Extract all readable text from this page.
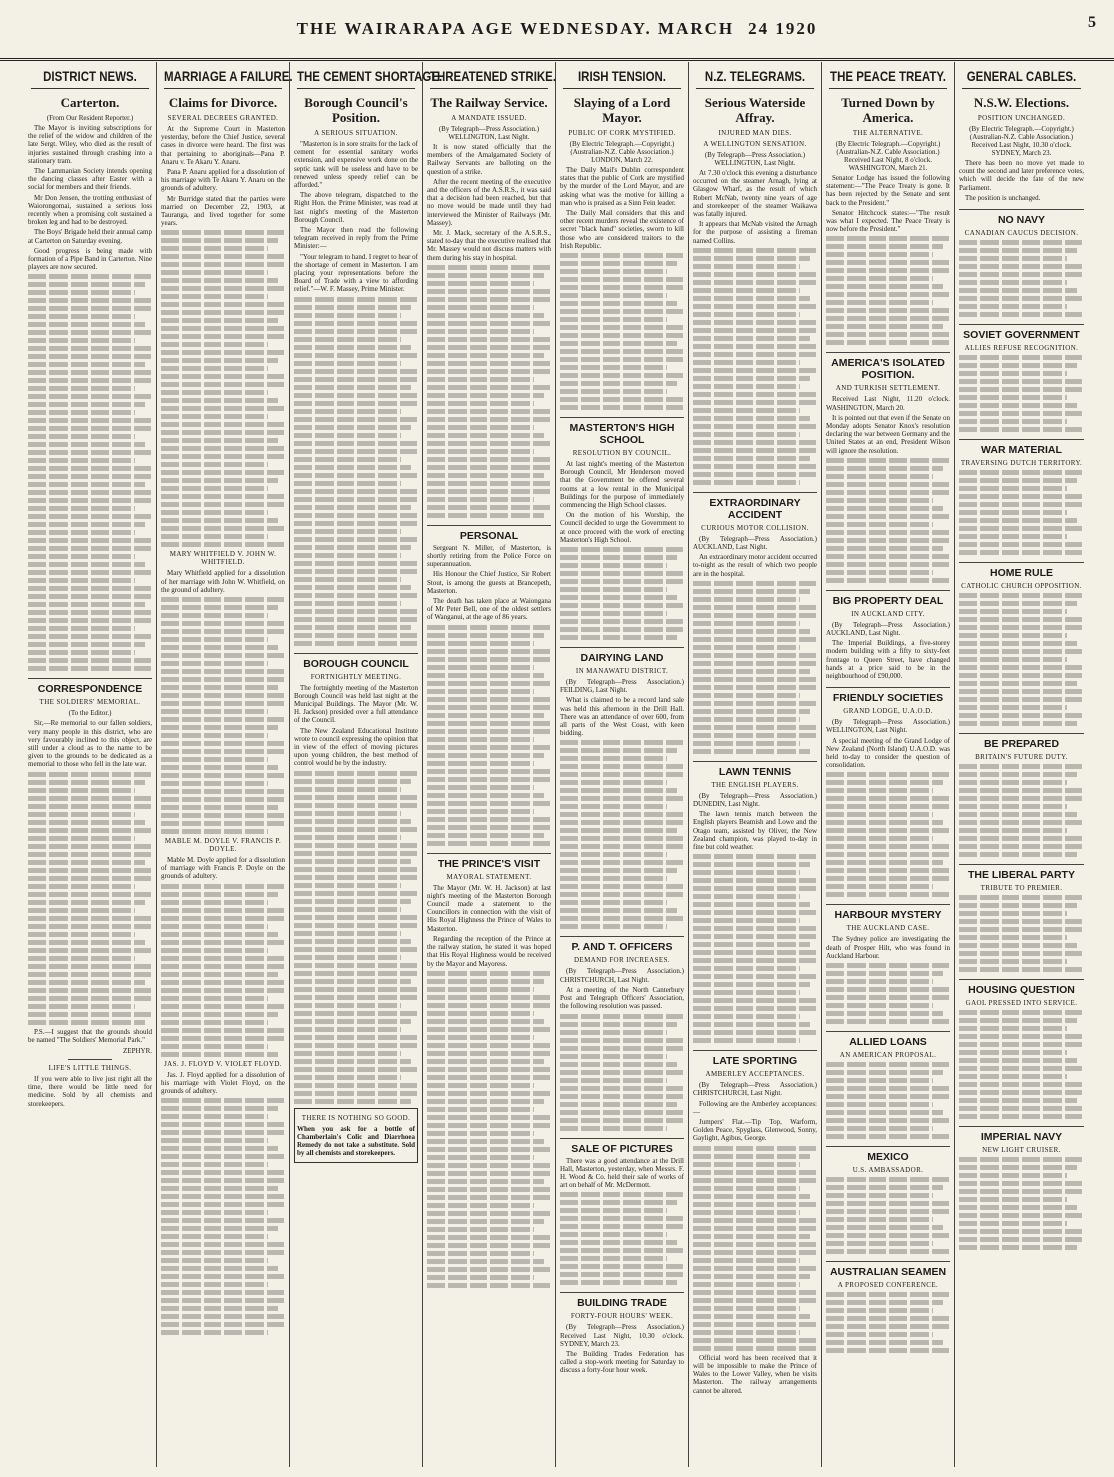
THE WAIRARAPA AGE WEDNESDAY. MARCH 24 1920	5
DISTRICT NEWS.
Carterton.
(From Our Resident Reporter.)
The Mayor is inviting subscriptions for the relief of the widow and children of the late Sergt. Wiley, who died as the result of injuries sustained through crashing into a stationary tram.
The Lammanian Society intends opening the dancing classes after Easter with a social for members and their friends.
Mr Don Jensen, the trotting enthusiast of Waiorongomai, sustained a serious loss recently when a promising colt sustained a broken leg and had to be destroyed.
The Boys' Brigade held their annual camp at Carterton on Saturday evening.
Good progress is being made with formation of a Pipe Band in Carterton. Nine players are now secured.
CORRESPONDENCE
THE SOLDIERS' MEMORIAL.
(To the Editor.)
Sir,—Re memorial to our fallen soldiers, very many people in this district, who are very favourably inclined to this object, are still under a cloud as to the name to be given to the grounds to be dedicated as a memorial to those who fell in the late war.
P.S.—I suggest that the grounds should be named "The Soldiers' Memorial Park."
ZEPHYR.
LIFE'S LITTLE THINGS.
If you were able to live just right all the time, there would be little need for medicine. Sold by all chemists and storekeepers.
MARRIAGE A FAILURE.
Claims for Divorce.
SEVERAL DECREES GRANTED.
At the Supreme Court in Masterton yesterday, before the Chief Justice, several cases in divorce were heard. The first was that pertaining to aboriginals—Pana P. Anaru v. Te Akaru Y. Anaru.
Pana P. Anaru applied for a dissolution of his marriage with Te Akaru Y. Anaru on the grounds of adultery.
Mr Burridge stated that the parties were married on December 22, 1903, at Tauranga, and lived together for some years.
MARY WHITFIELD V. JOHN W. WHITFIELD.
Mary Whitfield applied for a dissolution of her marriage with John W. Whitfield, on the ground of adultery.
MABLE M. DOYLE V. FRANCIS P. DOYLE.
Mable M. Doyle applied for a dissolution of marriage with Francis P. Doyle on the grounds of adultery.
JAS. J. FLOYD V. VIOLET FLOYD.
Jas. J. Floyd applied for a dissolution of his marriage with Violet Floyd, on the grounds of adultery.
THE CEMENT SHORTAGE.
Borough Council's Position.
A SERIOUS SITUATION.
"Masterton is in sore straits for the lack of cement for essential sanitary works extension, and expensive work done on the septic tank will be useless and have to be renewed unless speedy relief can be afforded."
The above telegram, dispatched to the Right Hon. the Prime Minister, was read at last night's meeting of the Masterton Borough Council.
The Mayor then read the following telegram received in reply from the Prime Minister:—
"Your telegram to hand. I regret to hear of the shortage of cement in Masterton. I am placing your representations before the Board of Trade with a view to affording relief."—W. F. Massey, Prime Minister.
BOROUGH COUNCIL
FORTNIGHTLY MEETING.
The fortnightly meeting of the Masterton Borough Council was held last night at the Municipal Buildings. The Mayor (Mr. W. H. Jackson) presided over a full attendance of the Council.
The New Zealand Educational Institute wrote to council expressing the opinion that in view of the effect of moving pictures upon young children, the best method of control would be by the industry.
THERE IS NOTHING SO GOOD.
When you ask for a bottle of Chamberlain's Colic and Diarrhoea Remedy do not take a substitute. Sold by all chemists and storekeepers.
THREATENED STRIKE.
The Railway Service.
A MANDATE ISSUED.
(By Telegraph—Press Association.) WELLINGTON, Last Night.
It is now stated officially that the members of the Amalgamated Society of Railway Servants are balloting on the question of a strike.
After the recent meeting of the executive and the officers of the A.S.R.S., it was said that a decision had been reached, but that no move would be made until they had interviewed the Minister of Railways (Mr. Massey).
Mr. J. Mack, secretary of the A.S.R.S., stated to-day that the executive realised that Mr. Massey would not discuss matters with them during his stay in hospital.
PERSONAL
Sergeant N. Miller, of Masterton, is shortly retiring from the Police Force on superannuation.
His Honour the Chief Justice, Sir Robert Stout, is among the guests at Brancepeth, Masterton.
The death has taken place at Waiongana of Mr Peter Bell, one of the oldest settlers of Wanganui, at the age of 86 years.
THE PRINCE'S VISIT
MAYORAL STATEMENT.
The Mayor (Mr. W. H. Jackson) at last night's meeting of the Masterton Borough Council made a statement to the Councillors in connection with the visit of His Royal Highness the Prince of Wales to Masterton.
Regarding the reception of the Prince at the railway station, he stated it was hoped that His Royal Highness would be received by the Mayor and Mayoress.
IRISH TENSION.
Slaying of a Lord Mayor.
PUBLIC OF CORK MYSTIFIED.
(By Electric Telegraph.—Copyright.) (Australian-N.Z. Cable Association.) LONDON, March 22.
The Daily Mail's Dublin correspondent states that the public of Cork are mystified by the murder of the Lord Mayor, and are asking what was the motive for killing a man who is praised as a Sinn Fein leader.
The Daily Mail considers that this and other recent murders reveal the existence of secret "black hand" societies, sworn to kill those who are considered traitors to the Irish Republic.
MASTERTON'S HIGH SCHOOL
RESOLUTION BY COUNCIL.
At last night's meeting of the Masterton Borough Council, Mr Henderson moved that the Government be offered several rooms at a low rental in the Municipal Buildings for the purpose of immediately commencing the High School classes.
On the motion of his Worship, the Council decided to urge the Government to at once proceed with the work of erecting Masterton's High School.
DAIRYING LAND
IN MANAWATU DISTRICT.
(By Telegraph—Press Association.) FEILDING, Last Night.
What is claimed to be a record land sale was held this afternoon in the Drill Hall. There was an attendance of over 600, from all parts of the West Coast, with keen bidding.
P. AND T. OFFICERS
DEMAND FOR INCREASES.
(By Telegraph—Press Association.) CHRISTCHURCH, Last Night.
At a meeting of the North Canterbury Post and Telegraph Officers' Association, the following resolution was passed.
SALE OF PICTURES
There was a good attendance at the Drill Hall, Masterton, yesterday, when Messrs. F. H. Wood & Co. held their sale of works of art on behalf of Mr. McDermott.
BUILDING TRADE
FORTY-FOUR HOURS' WEEK.
(By Telegraph—Press Association.) Received Last Night, 10.30 o'clock. SYDNEY, March 23.
The Building Trades Federation has called a stop-work meeting for Saturday to discuss a forty-four hour week.
N.Z. TELEGRAMS.
Serious Waterside Affray.
INJURED MAN DIES.
A WELLINGTON SENSATION.
(By Telegraph—Press Association.) WELLINGTON, Last Night.
At 7.30 o'clock this evening a disturbance occurred on the steamer Arnagh, lying at Glasgow Wharf, as the result of which Robert McNab, twenty nine years of age and storekeeper of the steamer Waikawa was fatally injured.
It appears that McNab visited the Arnagh for the purpose of assisting a fireman named Collins.
EXTRAORDINARY ACCIDENT
CURIOUS MOTOR COLLISION.
(By Telegraph—Press Association.) AUCKLAND, Last Night.
An extraordinary motor accident occurred to-night as the result of which two people are in the hospital.
LAWN TENNIS
THE ENGLISH PLAYERS.
(By Telegraph—Press Association.) DUNEDIN, Last Night.
The lawn tennis match between the English players Beamish and Lowe and the Otago team, assisted by Oliver, the New Zealand champion, was played to-day in fine but cold weather.
LATE SPORTING
AMBERLEY ACCEPTANCES.
(By Telegraph—Press Association.) CHRISTCHURCH, Last Night.
Following are the Amberley acceptances:—
Jumpers' Flat.—Tip Top, Warform, Golden Peace, Spyglass, Glenwood, Sonny, Gaylight, Agibus, George.
Official word has been received that it will be impossible to make the Prince of Wales to the Lower Valley, when he visits Masterton. The railway arrangements cannot be altered.
THE PEACE TREATY.
Turned Down by America.
THE ALTERNATIVE.
(By Electric Telegraph.—Copyright.) (Australian-N.Z. Cable Association.) Received Last Night, 8 o'clock. WASHINGTON, March 21.
Senator Lodge has issued the following statement:—"The Peace Treaty is gone. It has been rejected by the Senate and sent back to the President."
Senator Hitchcock states:—"The result was what I expected. The Peace Treaty is now before the President."
AMERICA'S ISOLATED POSITION.
AND TURKISH SETTLEMENT.
Received Last Night, 11.20 o'clock. WASHINGTON, March 20.
It is pointed out that even if the Senate on Monday adopts Senator Knox's resolution declaring the war between Germany and the United States at an end, President Wilson will ignore the resolution.
BIG PROPERTY DEAL
IN AUCKLAND CITY.
(By Telegraph—Press Association.) AUCKLAND, Last Night.
The Imperial Buildings, a five-storey modern building with a fifty to sixty-feet frontage to Queen Street, have changed hands at a price said to be in the neighbourhood of £90,000.
FRIENDLY SOCIETIES
GRAND LODGE, U.A.O.D.
(By Telegraph—Press Association.) WELLINGTON, Last Night.
A special meeting of the Grand Lodge of New Zealand (North Island) U.A.O.D. was held to-day to consider the question of consolidation.
HARBOUR MYSTERY
THE AUCKLAND CASE.
The Sydney police are investigating the death of Prosper Hilt, who was found in Auckland Harbour.
ALLIED LOANS
AN AMERICAN PROPOSAL.
MEXICO
U.S. AMBASSADOR.
AUSTRALIAN SEAMEN
A PROPOSED CONFERENCE.
GENERAL CABLES.
N.S.W. Elections.
POSITION UNCHANGED.
(By Electric Telegraph.—Copyright.) (Australian-N.Z. Cable Association.) Received Last Night, 10.30 o'clock. SYDNEY, March 23.
There has been no move yet made to count the second and later preference votes, which will decide the fate of the new Parliament.
The position is unchanged.
NO NAVY
CANADIAN CAUCUS DECISION.
SOVIET GOVERNMENT
ALLIES REFUSE RECOGNITION.
WAR MATERIAL
TRAVERSING DUTCH TERRITORY.
HOME RULE
CATHOLIC CHURCH OPPOSITION.
BE PREPARED
BRITAIN'S FUTURE DUTY.
THE LIBERAL PARTY
TRIBUTE TO PREMIER.
HOUSING QUESTION
GAOL PRESSED INTO SERVICE.
IMPERIAL NAVY
NEW LIGHT CRUISER.
